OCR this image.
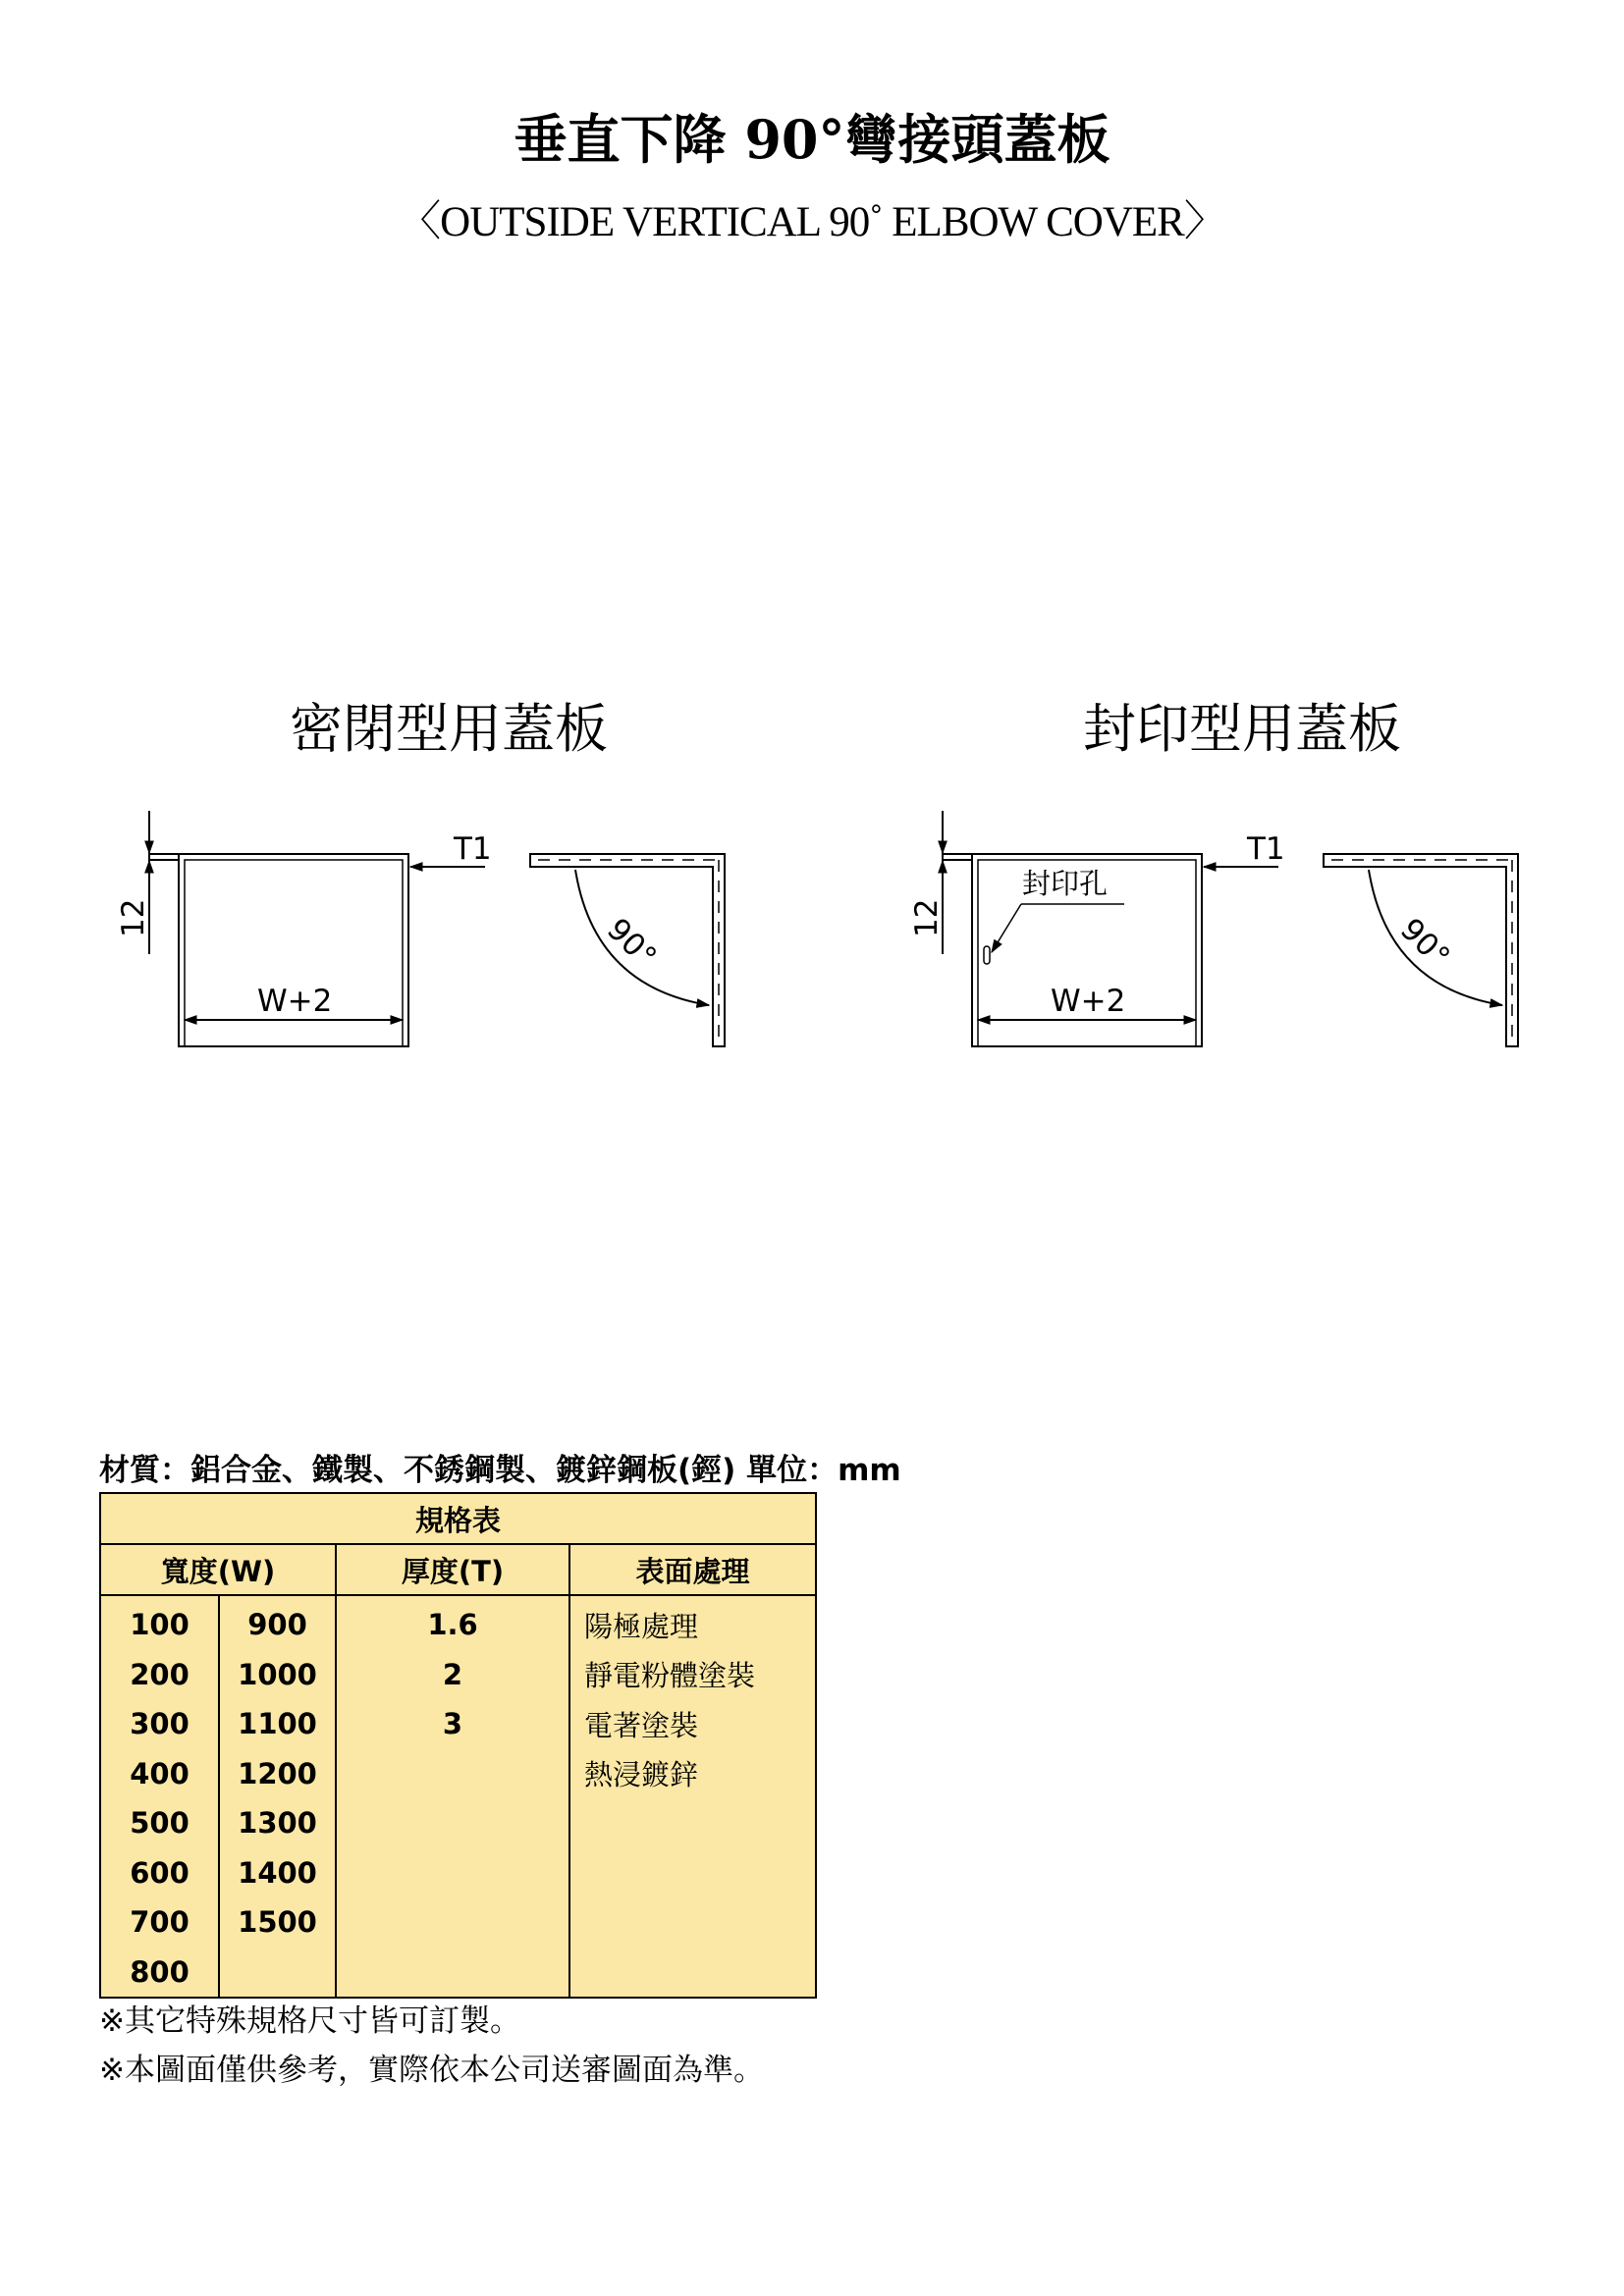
垂直下降 90°彎接頭蓋板
〈OUTSIDE VERTICAL 90˚ ELBOW COVER〉
密閉型用蓋板	封印型用蓋板
T1
12
W+2
90°
封印孔
T1
12
W+2
90°
材質：鋁合金、鐵製、不銹鋼製、鍍鋅鋼板(鋞) 單位：mm
規格表			
寬度(W)		厚度(T)	表面處理
100	900	1.6	陽極處理
200	1000	2	靜電粉體塗裝
300	1100	3	電著塗裝
400	1200		熱浸鍍鋅
500	1300		
600	1400		
700	1500		
800			
※其它特殊規格尺寸皆可訂製。
※本圖面僅供參考，實際依本公司送審圖面為準。
